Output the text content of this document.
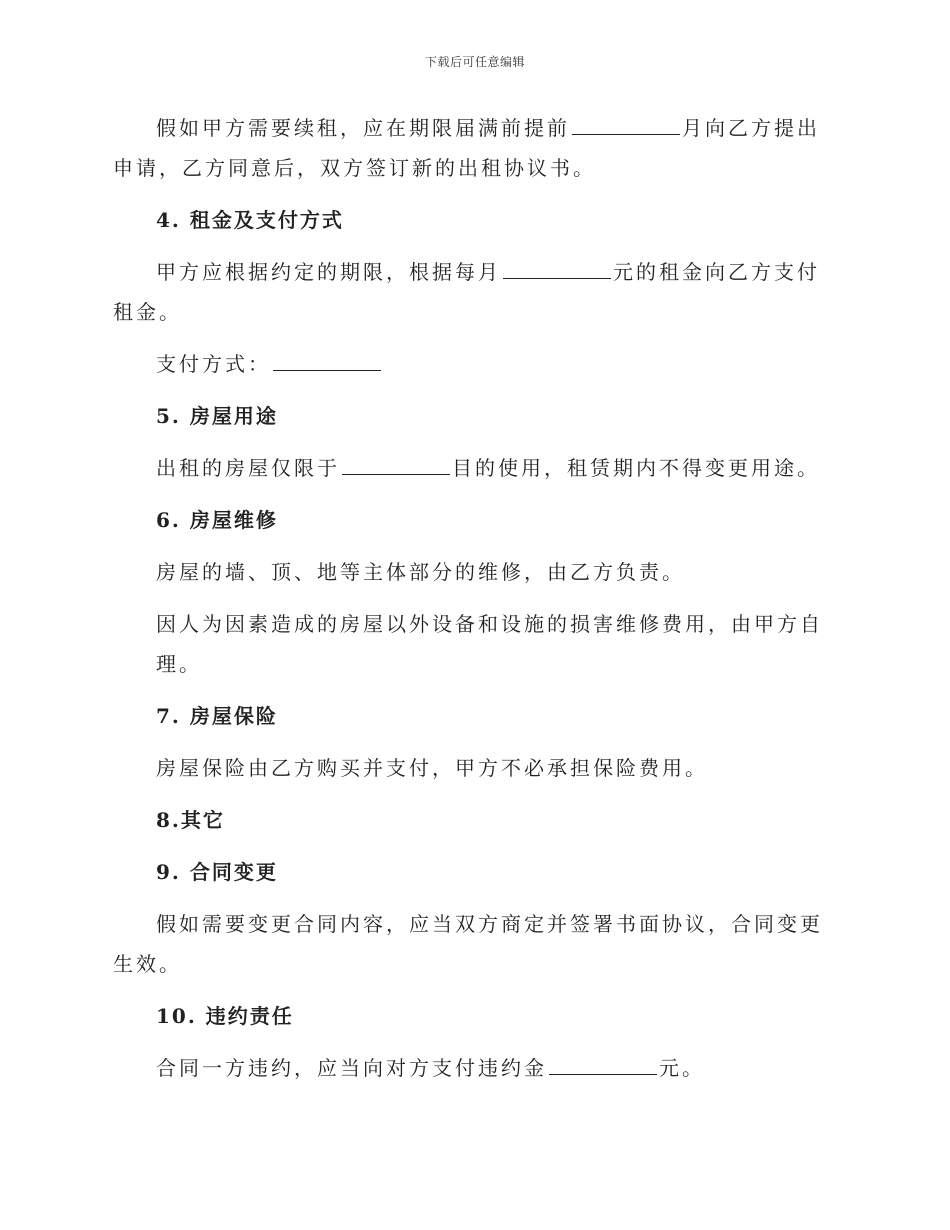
下载后可任意编辑

假如甲方需要续租，应在期限届满前提前	月向乙方提出申请，乙方同意后，双方签订新的出租协议书。

4. 租金及支付方式

甲方应根据约定的期限，根据每月	元的租金向乙方支付租金。

支付方式：

5. 房屋用途

出租的房屋仅限于	目的使用，租赁期内不得变更用途。

6. 房屋维修

房屋的墙、顶、地等主体部分的维修，由乙方负责。

因人为因素造成的房屋以外设备和设施的损害维修费用，由甲方自理。

7. 房屋保险

房屋保险由乙方购买并支付，甲方不必承担保险费用。

8.其它
9. 合同变更

假如需要变更合同内容，应当双方商定并签署书面协议，合同变更生效。

10. 违约责任

合同一方违约，应当向对方支付违约金	元。
